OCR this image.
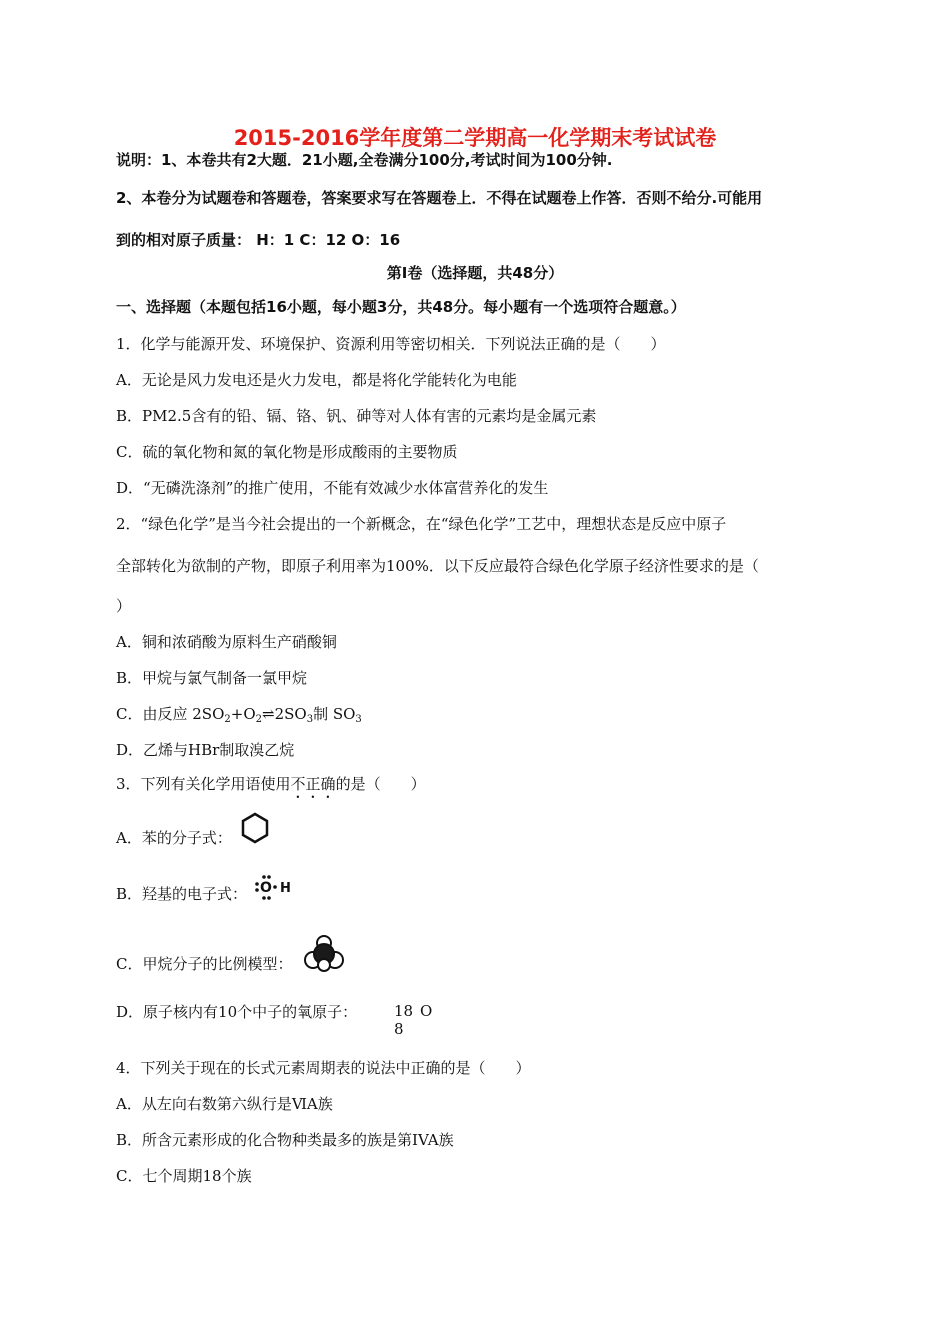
2015-2016学年度第二学期高一化学期末考试试卷
说明：1、本卷共有2大题．21小题,全卷满分100分,考试时间为100分钟.
2、本卷分为试题卷和答题卷，答案要求写在答题卷上．不得在试题卷上作答．否则不给分.可能用
到的相对原子质量： H：1 C：12 O：16
第Ⅰ卷（选择题，共48分）
一、选择题（本题包括16小题，每小题3分，共48分。每小题有一个选项符合题意。）
1．化学与能源开发、环境保护、资源利用等密切相关．下列说法正确的是（　　）
A．无论是风力发电还是火力发电，都是将化学能转化为电能
B．PM2.5含有的铅、镉、铬、钒、砷等对人体有害的元素均是金属元素
C．硫的氧化物和氮的氧化物是形成酸雨的主要物质
D．“无磷洗涤剂”的推广使用，不能有效减少水体富营养化的发生
2．“绿色化学”是当今社会提出的一个新概念，在“绿色化学”工艺中，理想状态是反应中原子
全部转化为欲制的产物，即原子利用率为100%．以下反应最符合绿色化学原子经济性要求的是（
）
A．铜和浓硝酸为原料生产硝酸铜
B．甲烷与氯气制备一氯甲烷
C．由反应 $2SO_2+O_2\rightleftharpoons 2SO_3$制 $SO_3$
D．乙烯与HBr制取溴乙烷
3．下列有关化学用语使用不正确的是（　　）
A．苯的分子式：
B．羟基的电子式： O H
C．甲烷分子的比例模型：
D．原子核内有10个中子的氧原子： 18 O
8
4．下列关于现在的长式元素周期表的说法中正确的是（　　）
A．从左向右数第六纵行是ⅥA族
B．所含元素形成的化合物种类最多的族是第IVA族
C．七个周期18个族
